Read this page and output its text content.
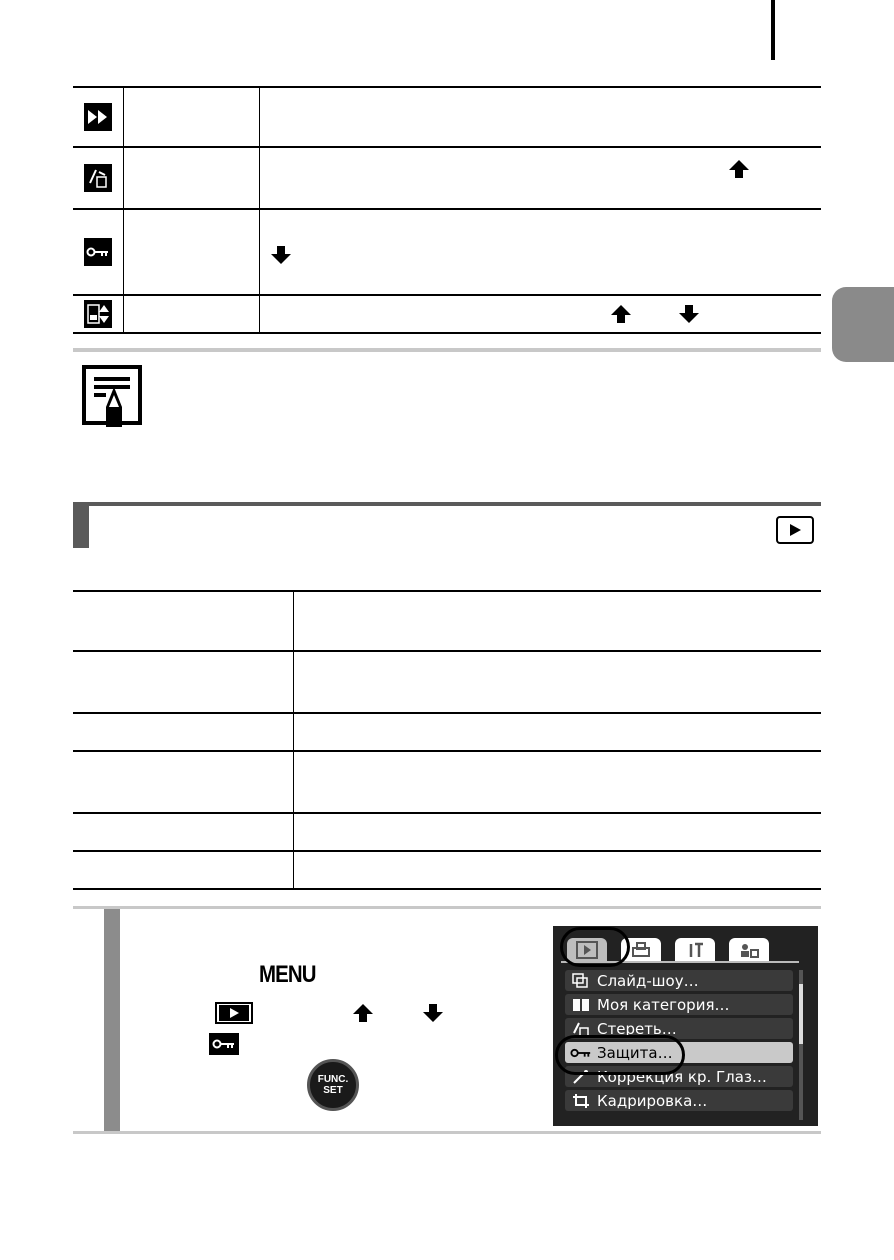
MENU
FUNC.
SET
Слайд-шоу…
Моя категория…
Стереть…
Защита…
Коррекция кр. Глаз…
Кадрировка…
